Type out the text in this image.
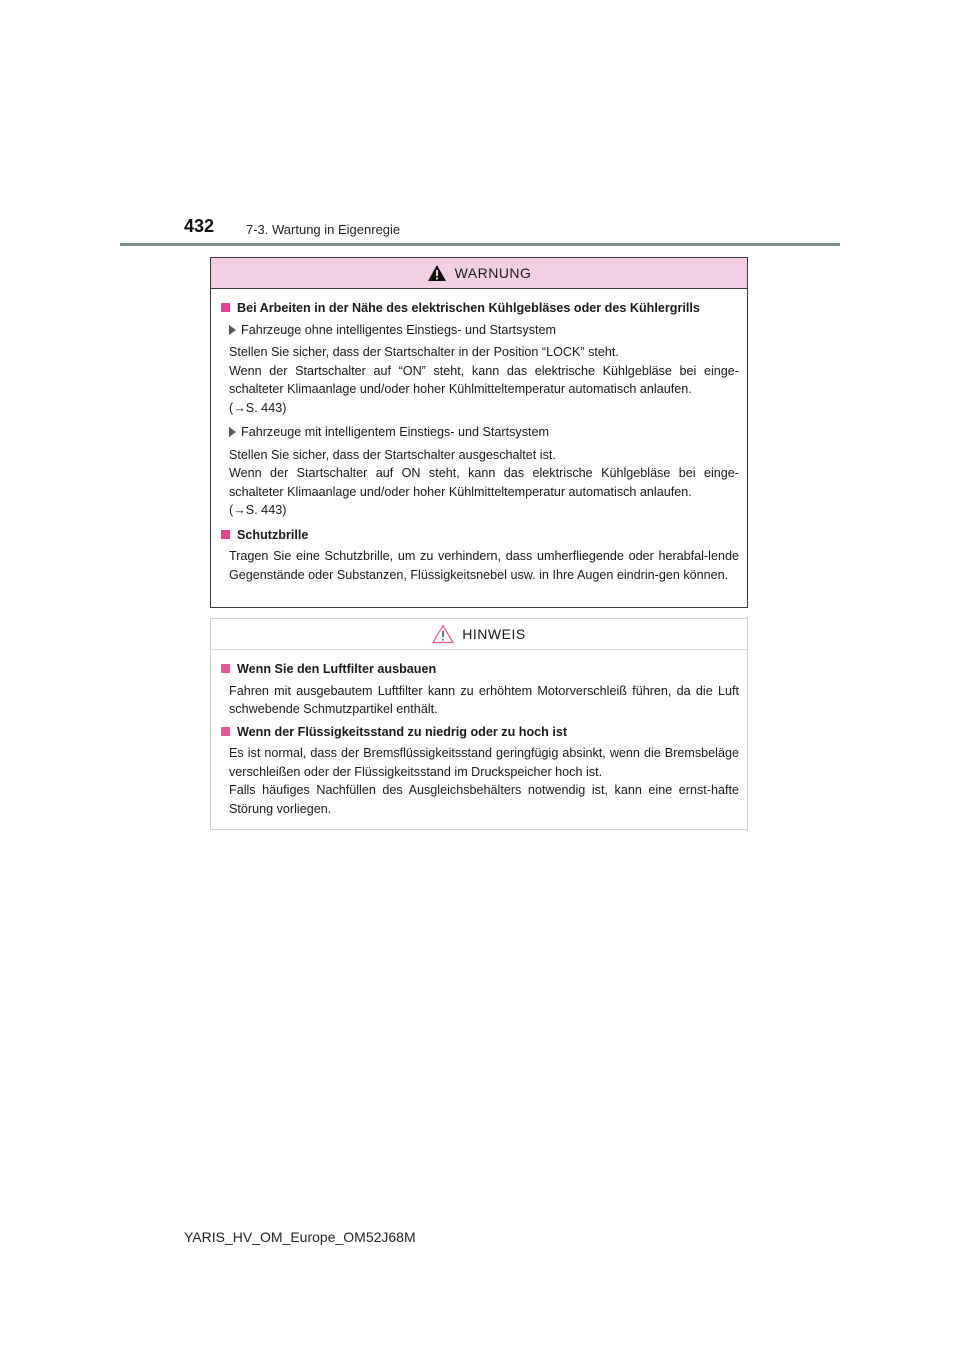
432 7-3. Wartung in Eigenregie
WARNUNG
Bei Arbeiten in der Nähe des elektrischen Kühlgebläses oder des Kühlergrills
Fahrzeuge ohne intelligentes Einstiegs- und Startsystem
Stellen Sie sicher, dass der Startschalter in der Position “LOCK” steht.
Wenn der Startschalter auf “ON” steht, kann das elektrische Kühlgebläse bei einge-schalteter Klimaanlage und/oder hoher Kühlmitteltemperatur automatisch anlaufen.
(→S. 443)
Fahrzeuge mit intelligentem Einstiegs- und Startsystem
Stellen Sie sicher, dass der Startschalter ausgeschaltet ist.
Wenn der Startschalter auf ON steht, kann das elektrische Kühlgebläse bei einge-schalteter Klimaanlage und/oder hoher Kühlmitteltemperatur automatisch anlaufen.
(→S. 443)
Schutzbrille
Tragen Sie eine Schutzbrille, um zu verhindern, dass umherfliegende oder herabfal-lende Gegenstände oder Substanzen, Flüssigkeitsnebel usw. in Ihre Augen eindrin-gen können.
HINWEIS
Wenn Sie den Luftfilter ausbauen
Fahren mit ausgebautem Luftfilter kann zu erhöhtem Motorverschleiß führen, da die Luft schwebende Schmutzpartikel enthält.
Wenn der Flüssigkeitsstand zu niedrig oder zu hoch ist
Es ist normal, dass der Bremsflüssigkeitsstand geringfügig absinkt, wenn die Bremsbeläge verschleißen oder der Flüssigkeitsstand im Druckspeicher hoch ist.
Falls häufiges Nachfüllen des Ausgleichsbehälters notwendig ist, kann eine ernst-hafte Störung vorliegen.
YARIS_HV_OM_Europe_OM52J68M
